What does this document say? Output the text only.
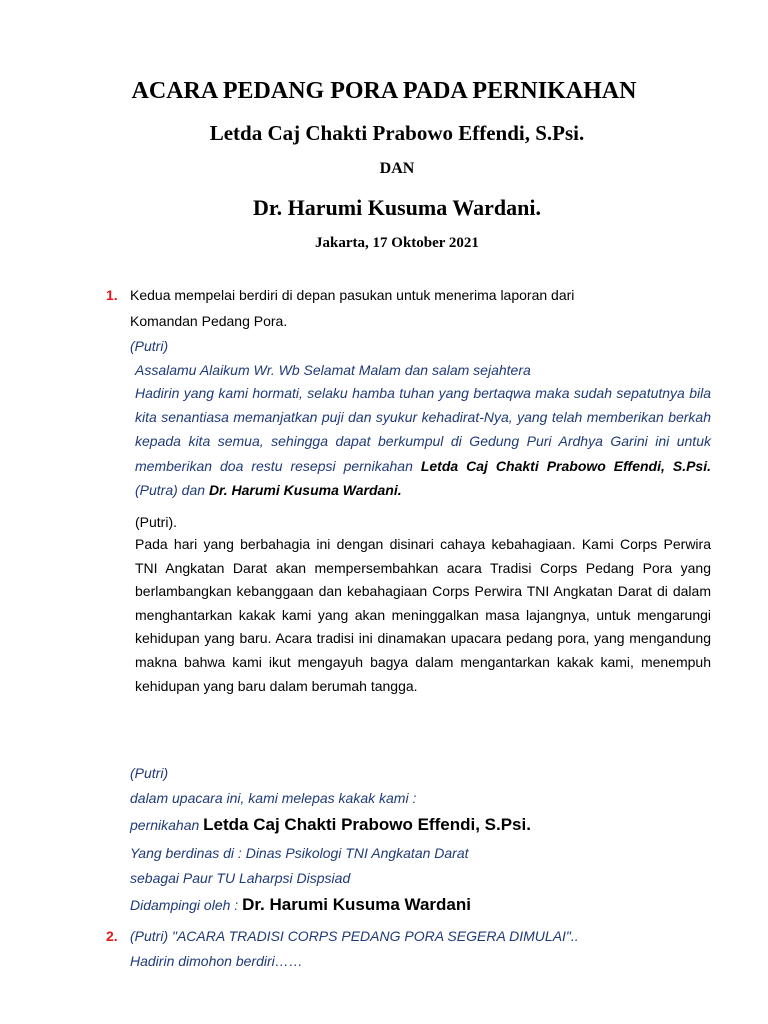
ACARA PEDANG PORA PADA PERNIKAHAN
Letda Caj Chakti Prabowo Effendi, S.Psi.
DAN
Dr. Harumi Kusuma Wardani.
Jakarta, 17 Oktober 2021
1. Kedua mempelai berdiri di depan pasukan untuk menerima laporan dari
Komandan Pedang Pora.
(Putri)
Assalamu Alaikum Wr. Wb Selamat Malam dan salam sejahtera
Hadirin yang kami hormati, selaku hamba tuhan yang bertaqwa maka sudah sepatutnya bila kita senantiasa memanjatkan puji dan syukur kehadirat-Nya, yang telah memberikan berkah kepada kita semua, sehingga dapat berkumpul di Gedung Puri Ardhya Garini ini untuk memberikan doa restu resepsi pernikahan Letda Caj Chakti Prabowo Effendi, S.Psi. (Putra) dan Dr. Harumi Kusuma Wardani.
(Putri).
Pada hari yang berbahagia ini dengan disinari cahaya kebahagiaan. Kami Corps Perwira TNI Angkatan Darat akan mempersembahkan acara Tradisi Corps Pedang Pora yang berlambangkan kebanggaan dan kebahagiaan Corps Perwira TNI Angkatan Darat di dalam menghantarkan kakak kami yang akan meninggalkan masa lajangnya, untuk mengarungi kehidupan yang baru. Acara tradisi ini dinamakan upacara pedang pora, yang mengandung makna bahwa kami ikut mengayuh bagya dalam mengantarkan kakak kami, menempuh kehidupan yang baru dalam berumah tangga.
(Putri)
dalam upacara ini, kami melepas kakak kami :
pernikahan Letda Caj Chakti Prabowo Effendi, S.Psi.
Yang berdinas di : Dinas Psikologi TNI Angkatan Darat
sebagai Paur TU Laharpsi Dispsiad
Didampingi oleh : Dr. Harumi Kusuma Wardani
2. (Putri) "ACARA TRADISI CORPS PEDANG PORA SEGERA DIMULAI"..
Hadirin dimohon berdiri……
